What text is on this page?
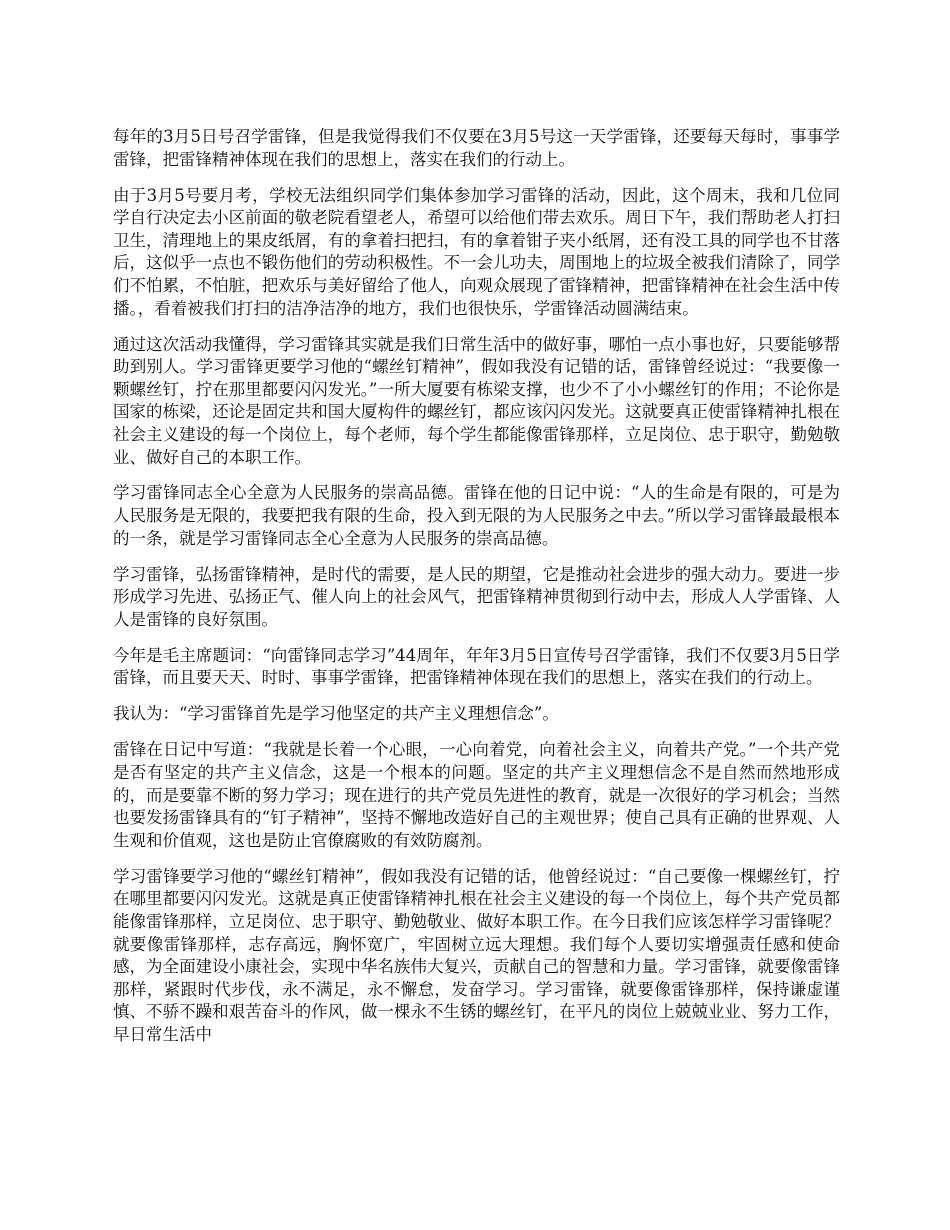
每年的3月5日号召学雷锋，但是我觉得我们不仅要在3月5号这一天学雷锋，还要每天每时，事事学雷锋，把雷锋精神体现在我们的思想上，落实在我们的行动上。

由于3月5号要月考，学校无法组织同学们集体参加学习雷锋的活动，因此，这个周末，我和几位同学自行决定去小区前面的敬老院看望老人，希望可以给他们带去欢乐。周日下午，我们帮助老人打扫卫生，清理地上的果皮纸屑，有的拿着扫把扫，有的拿着钳子夹小纸屑，还有没工具的同学也不甘落后，这似乎一点也不锻伤他们的劳动积极性。不一会儿功夫，周围地上的垃圾全被我们清除了，同学们不怕累，不怕脏，把欢乐与美好留给了他人，向观众展现了雷锋精神，把雷锋精神在社会生活中传播。，看着被我们打扫的洁净洁净的地方，我们也很快乐，学雷锋活动圆满结束。

通过这次活动我懂得，学习雷锋其实就是我们日常生活中的做好事，哪怕一点小事也好，只要能够帮助到别人。学习雷锋更要学习他的“螺丝钉精神”，假如我没有记错的话，雷锋曾经说过：“我要像一颗螺丝钉，拧在那里都要闪闪发光。”一所大厦要有栋梁支撑，也少不了小小螺丝钉的作用；不论你是国家的栋梁，还论是固定共和国大厦构件的螺丝钉，都应该闪闪发光。这就要真正使雷锋精神扎根在社会主义建设的每一个岗位上，每个老师，每个学生都能像雷锋那样，立足岗位、忠于职守，勤勉敬业、做好自己的本职工作。

学习雷锋同志全心全意为人民服务的崇高品德。雷锋在他的日记中说：“人的生命是有限的，可是为人民服务是无限的，我要把我有限的生命，投入到无限的为人民服务之中去。”所以学习雷锋最最根本的一条，就是学习雷锋同志全心全意为人民服务的崇高品德。

学习雷锋，弘扬雷锋精神，是时代的需要，是人民的期望，它是推动社会进步的强大动力。要进一步形成学习先进、弘扬正气、催人向上的社会风气，把雷锋精神贯彻到行动中去，形成人人学雷锋、人人是雷锋的良好氛围。

今年是毛主席题词：“向雷锋同志学习”44周年，年年3月5日宣传号召学雷锋，我们不仅要3月5日学雷锋，而且要天天、时时、事事学雷锋，把雷锋精神体现在我们的思想上，落实在我们的行动上。

我认为：“学习雷锋首先是学习他坚定的共产主义理想信念”。

雷锋在日记中写道：“我就是长着一个心眼，一心向着党，向着社会主义，向着共产党。”一个共产党是否有坚定的共产主义信念，这是一个根本的问题。坚定的共产主义理想信念不是自然而然地形成的，而是要靠不断的努力学习；现在进行的共产党员先进性的教育，就是一次很好的学习机会；当然也要发扬雷锋具有的“钉子精神”，坚持不懈地改造好自己的主观世界；使自己具有正确的世界观、人生观和价值观，这也是防止官僚腐败的有效防腐剂。

学习雷锋要学习他的“螺丝钉精神”，假如我没有记错的话，他曾经说过：“自己要像一棵螺丝钉，拧在哪里都要闪闪发光。这就是真正使雷锋精神扎根在社会主义建设的每一个岗位上，每个共产党员都能像雷锋那样，立足岗位、忠于职守、勤勉敬业、做好本职工作。在今日我们应该怎样学习雷锋呢？就要像雷锋那样，志存高远，胸怀宽广，牢固树立远大理想。我们每个人要切实增强责任感和使命感，为全面建设小康社会，实现中华名族伟大复兴，贡献自己的智慧和力量。学习雷锋，就要像雷锋那样，紧跟时代步伐，永不满足，永不懈怠，发奋学习。学习雷锋，就要像雷锋那样，保持谦虚谨慎、不骄不躁和艰苦奋斗的作风，做一棵永不生锈的螺丝钉，在平凡的岗位上兢兢业业、努力工作，早日常生活中
